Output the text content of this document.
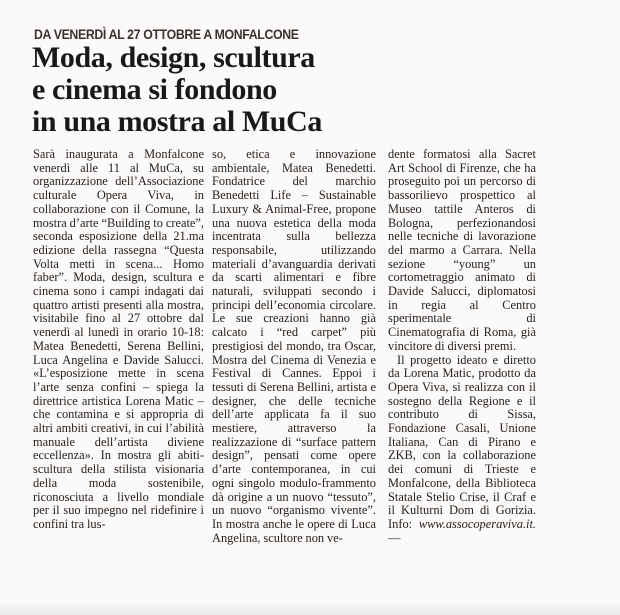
DA VENERDÌ AL 27 OTTOBRE A MONFALCONE
Moda, design, scultura
e cinema si fondono
in una mostra al MuCa

Sarà inaugurata a Monfalcone venerdì alle 11 al MuCa, su organizzazione dell’Associazione culturale Opera Viva, in collaborazione con il Comune, la mostra d’arte “Building to create”, seconda esposizione della 21.ma edizione della rassegna “Questa Volta metti in scena... Homo faber”. Moda, design, scultura e cinema sono i campi indagati dai quattro artisti presenti alla mostra, visitabile fino al 27 ottobre dal venerdì al lunedì in orario 10-18: Matea Benedetti, Serena Bellini, Luca Angelina e Davide Salucci. «L’esposizione mette in scena l’arte senza confini – spiega la direttrice artistica Lorena Matic – che contamina e si appropria di altri ambiti creativi, in cui l’abilità manuale dell’artista diviene eccellenza». In mostra gli abiti-scultura della stilista visionaria della moda sostenibile, riconosciuta a livello mondiale per il suo impegno nel ridefinire i confini tra lus-

so, etica e innovazione ambientale, Matea Benedetti. Fondatrice del marchio Benedetti Life – Sustainable Luxury & Animal-Free, propone una nuova estetica della moda incentrata sulla bellezza responsabile, utilizzando materiali d’avanguardia derivati da scarti alimentari e fibre naturali, sviluppati secondo i principi dell’economia circolare. Le sue creazioni hanno già calcato i “red carpet” più prestigiosi del mondo, tra Oscar, Mostra del Cinema di Venezia e Festival di Cannes. Eppoi i tessuti di Serena Bellini, artista e designer, che delle tecniche dell’arte applicata fa il suo mestiere, attraverso la realizzazione di “surface pattern design”, pensati come opere d’arte contemporanea, in cui ogni singolo modulo-frammento dà origine a un nuovo “tessuto”, un nuovo “organismo vivente”. In mostra anche le opere di Luca Angelina, scultore non ve-

dente formatosi alla Sacret Art School di Firenze, che ha proseguito poi un percorso di bassorilievo prospettico al Museo tattile Anteros di Bologna, perfezionandosi nelle tecniche di lavorazione del marmo a Carrara. Nella sezione “young” un cortometraggio animato di Davide Salucci, diplomatosi in regia al Centro sperimentale di Cinematografia di Roma, già vincitore di diversi premi.

Il progetto ideato e diretto da Lorena Matic, prodotto da Opera Viva, si realizza con il sostegno della Regione e il contributo di Sissa, Fondazione Casali, Unione Italiana, Can di Pirano e ZKB, con la collaborazione dei comuni di Trieste e Monfalcone, della Biblioteca Statale Stelio Crise, il Craf e il Kulturni Dom di Gorizia. Info: www.assocoperaviva.it.—
